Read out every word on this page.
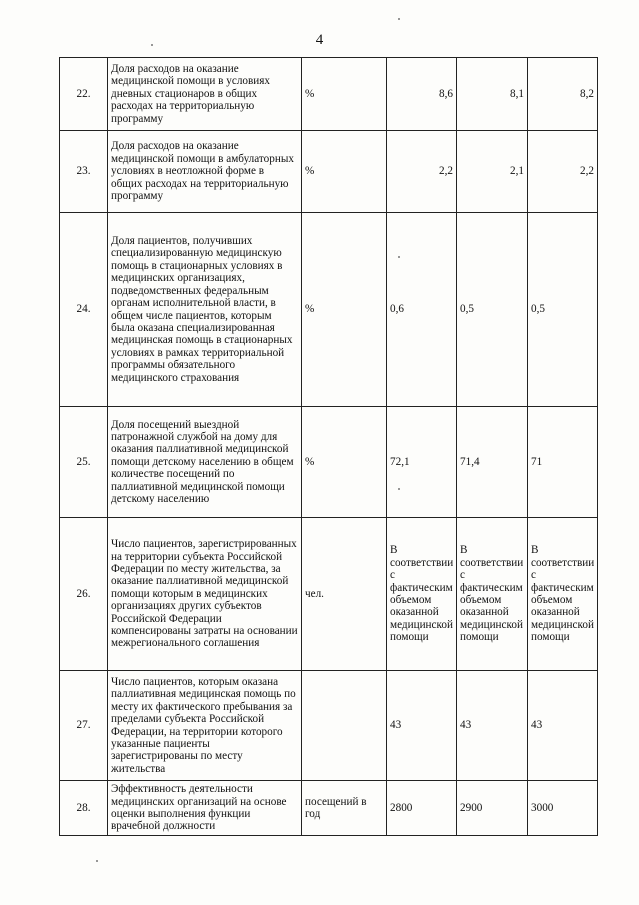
4
22.	Доля расходов на оказание медицинской помощи в условиях дневных стационаров в общих расходах на территориальную программу	%	8,6	8,1	8,2
23.	Доля расходов на оказание медицинской помощи в амбулаторных условиях в неотложной форме в общих расходах на территориальную программу	%	2,2	2,1	2,2
24.	Доля пациентов, получивших специализированную медицинскую помощь в стационарных условиях в медицинских организациях, подведомственных федеральным органам исполнительной власти, в общем числе пациентов, которым была оказана специализированная медицинская помощь в стационарных условиях в рамках территориальной программы обязательного медицинского страхования	%	0,6	0,5	0,5
25.	Доля посещений выездной патронажной службой на дому для оказания паллиативной медицинской помощи детскому населению в общем количестве посещений по паллиативной медицинской помощи детскому населению	%	72,1	71,4	71
26.	Число пациентов, зарегистрированных на территории субъекта Российской Федерации по месту жительства, за оказание паллиативной медицинской помощи которым в медицинских организациях других субъектов Российской Федерации компенсированы затраты на основании межрегионального соглашения	чел.	В соответствии с фактическим объемом оказанной медицинской помощи	В соответствии с фактическим объемом оказанной медицинской помощи	В соответствии с фактическим объемом оказанной медицинской помощи
27.	Число пациентов, которым оказана паллиативная медицинская помощь по месту их фактического пребывания за пределами субъекта Российской Федерации, на территории которого указанные пациенты зарегистрированы по месту жительства		43	43	43
28.	Эффективность деятельности медицинских организаций на основе оценки выполнения функции врачебной должности	посещений в год	2800	2900	3000
